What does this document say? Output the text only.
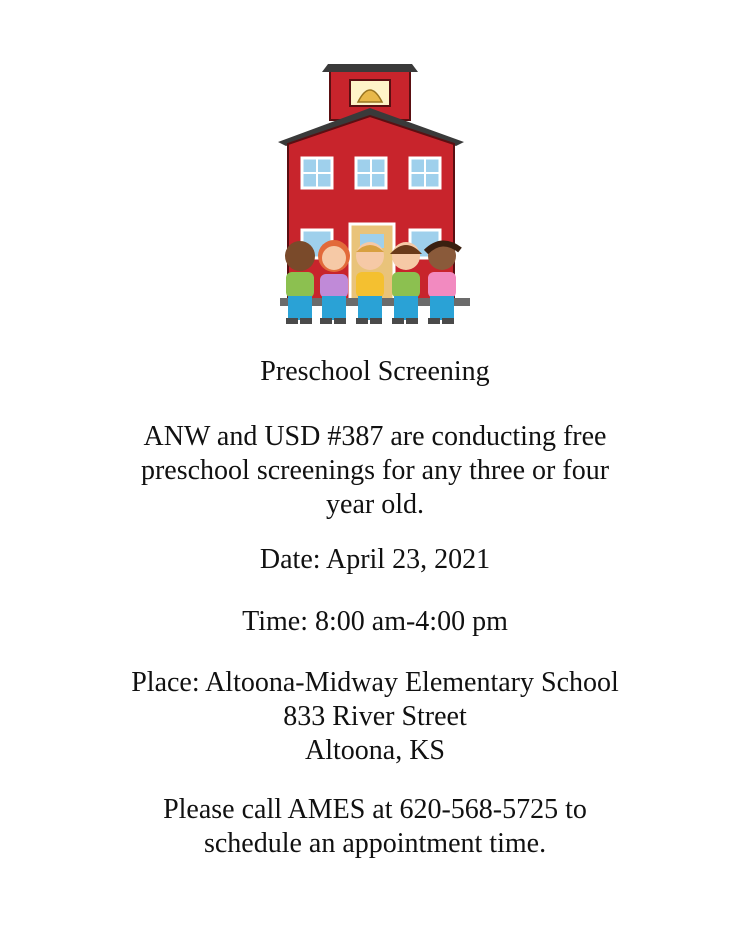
Preschool Screening
ANW and USD #387 are conducting free
preschool screenings for any three or four
year old.
Date: April 23, 2021
Time: 8:00 am-4:00 pm
Place: Altoona-Midway Elementary School
833 River Street
Altoona, KS
Please call AMES at 620-568-5725 to
schedule an appointment time.
